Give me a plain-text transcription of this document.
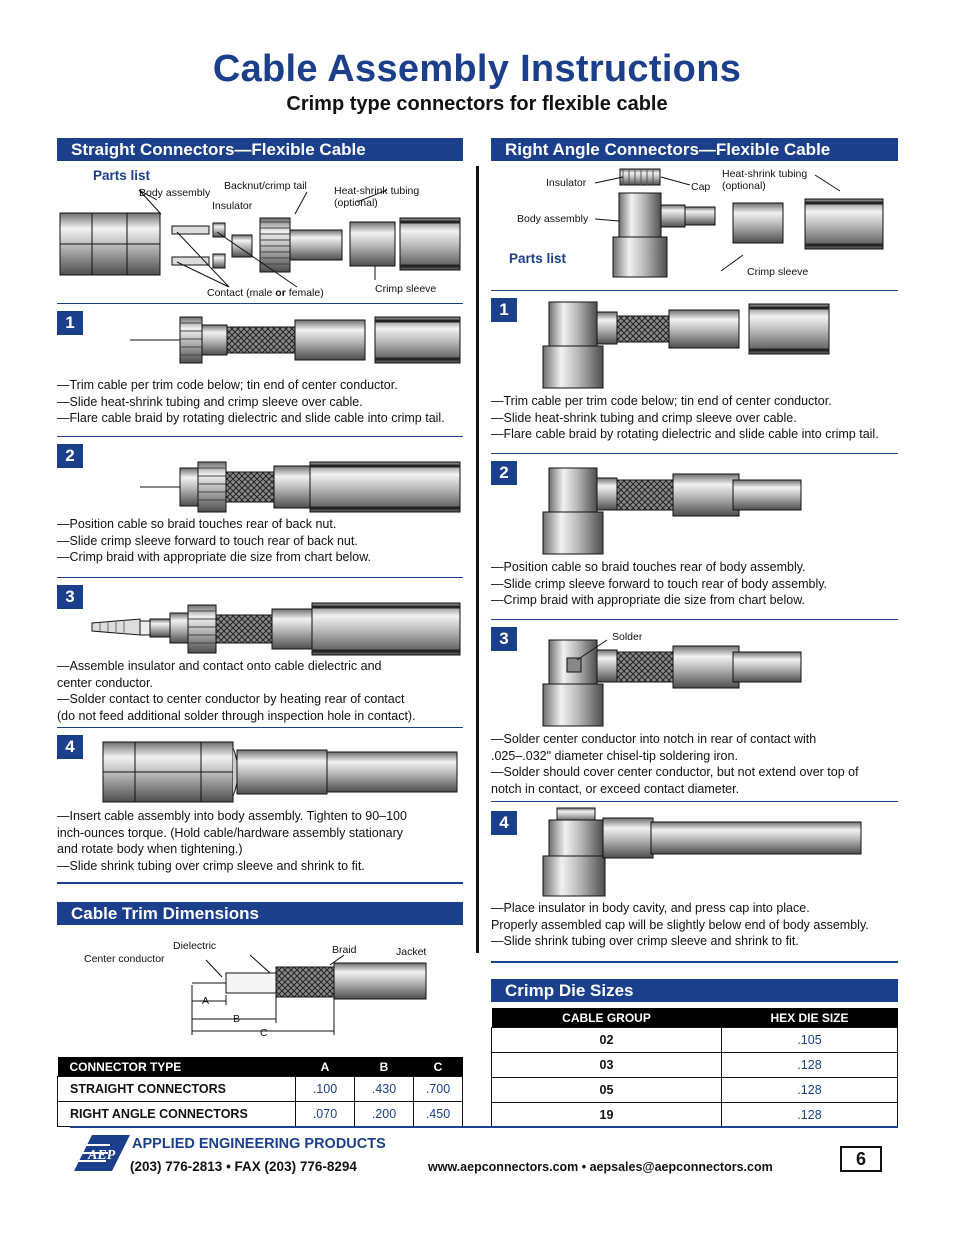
Cable Assembly Instructions
Crimp type connectors for flexible cable
Straight Connectors—Flexible Cable
Parts list
Body assembly
Backnut/crimp tail
Insulator
Heat-shrink tubing
(optional)
Contact (male or female)	Crimp sleeve
1
—Trim cable per trim code below; tin end of center conductor.
—Slide heat-shrink tubing and crimp sleeve over cable.
—Flare cable braid by rotating dielectric and slide cable into crimp tail.
2
—Position cable so braid touches rear of back nut.
—Slide crimp sleeve forward to touch rear of back nut.
—Crimp braid with appropriate die size from chart below.
3
—Assemble insulator and contact onto cable dielectric and
center conductor.
—Solder contact to center conductor by heating rear of contact
(do not feed additional solder through inspection hole in contact).
4
—Insert cable assembly into body assembly. Tighten to 90–100
inch-ounces torque. (Hold cable/hardware assembly stationary
and rotate body when tightening.)
—Slide shrink tubing over crimp sleeve and shrink to fit.
Cable Trim Dimensions
Dielectric
Center conductor
Braid	Jacket
A
B
C
CONNECTOR TYPE	A	B	C
STRAIGHT CONNECTORS	.100	.430	.700
RIGHT ANGLE CONNECTORS	.070	.200	.450
Right Angle Connectors—Flexible Cable
Insulator	Cap
Heat-shrink tubing
(optional)
Body assembly
Parts list
Crimp sleeve
1
—Trim cable per trim code below; tin end of center conductor.
—Slide heat-shrink tubing and crimp sleeve over cable.
—Flare cable braid by rotating dielectric and slide cable into crimp tail.
2
—Position cable so braid touches rear of body assembly.
—Slide crimp sleeve forward to touch rear of body assembly.
—Crimp braid with appropriate die size from chart below.
3	Solder
—Solder center conductor into notch in rear of contact with
.025–.032" diameter chisel-tip soldering iron.
—Solder should cover center conductor, but not extend over top of
notch in contact, or exceed contact diameter.
4
—Place insulator in body cavity, and press cap into place.
Properly assembled cap will be slightly below end of body assembly.
—Slide shrink tubing over crimp sleeve and shrink to fit.
Crimp Die Sizes
CABLE GROUP	HEX DIE SIZE
02	.105
03	.128
05	.128
19	.128
AEP
APPLIED ENGINEERING PRODUCTS
(203) 776-2813 • FAX (203) 776-8294	www.aepconnectors.com • aepsales@aepconnectors.com	6
